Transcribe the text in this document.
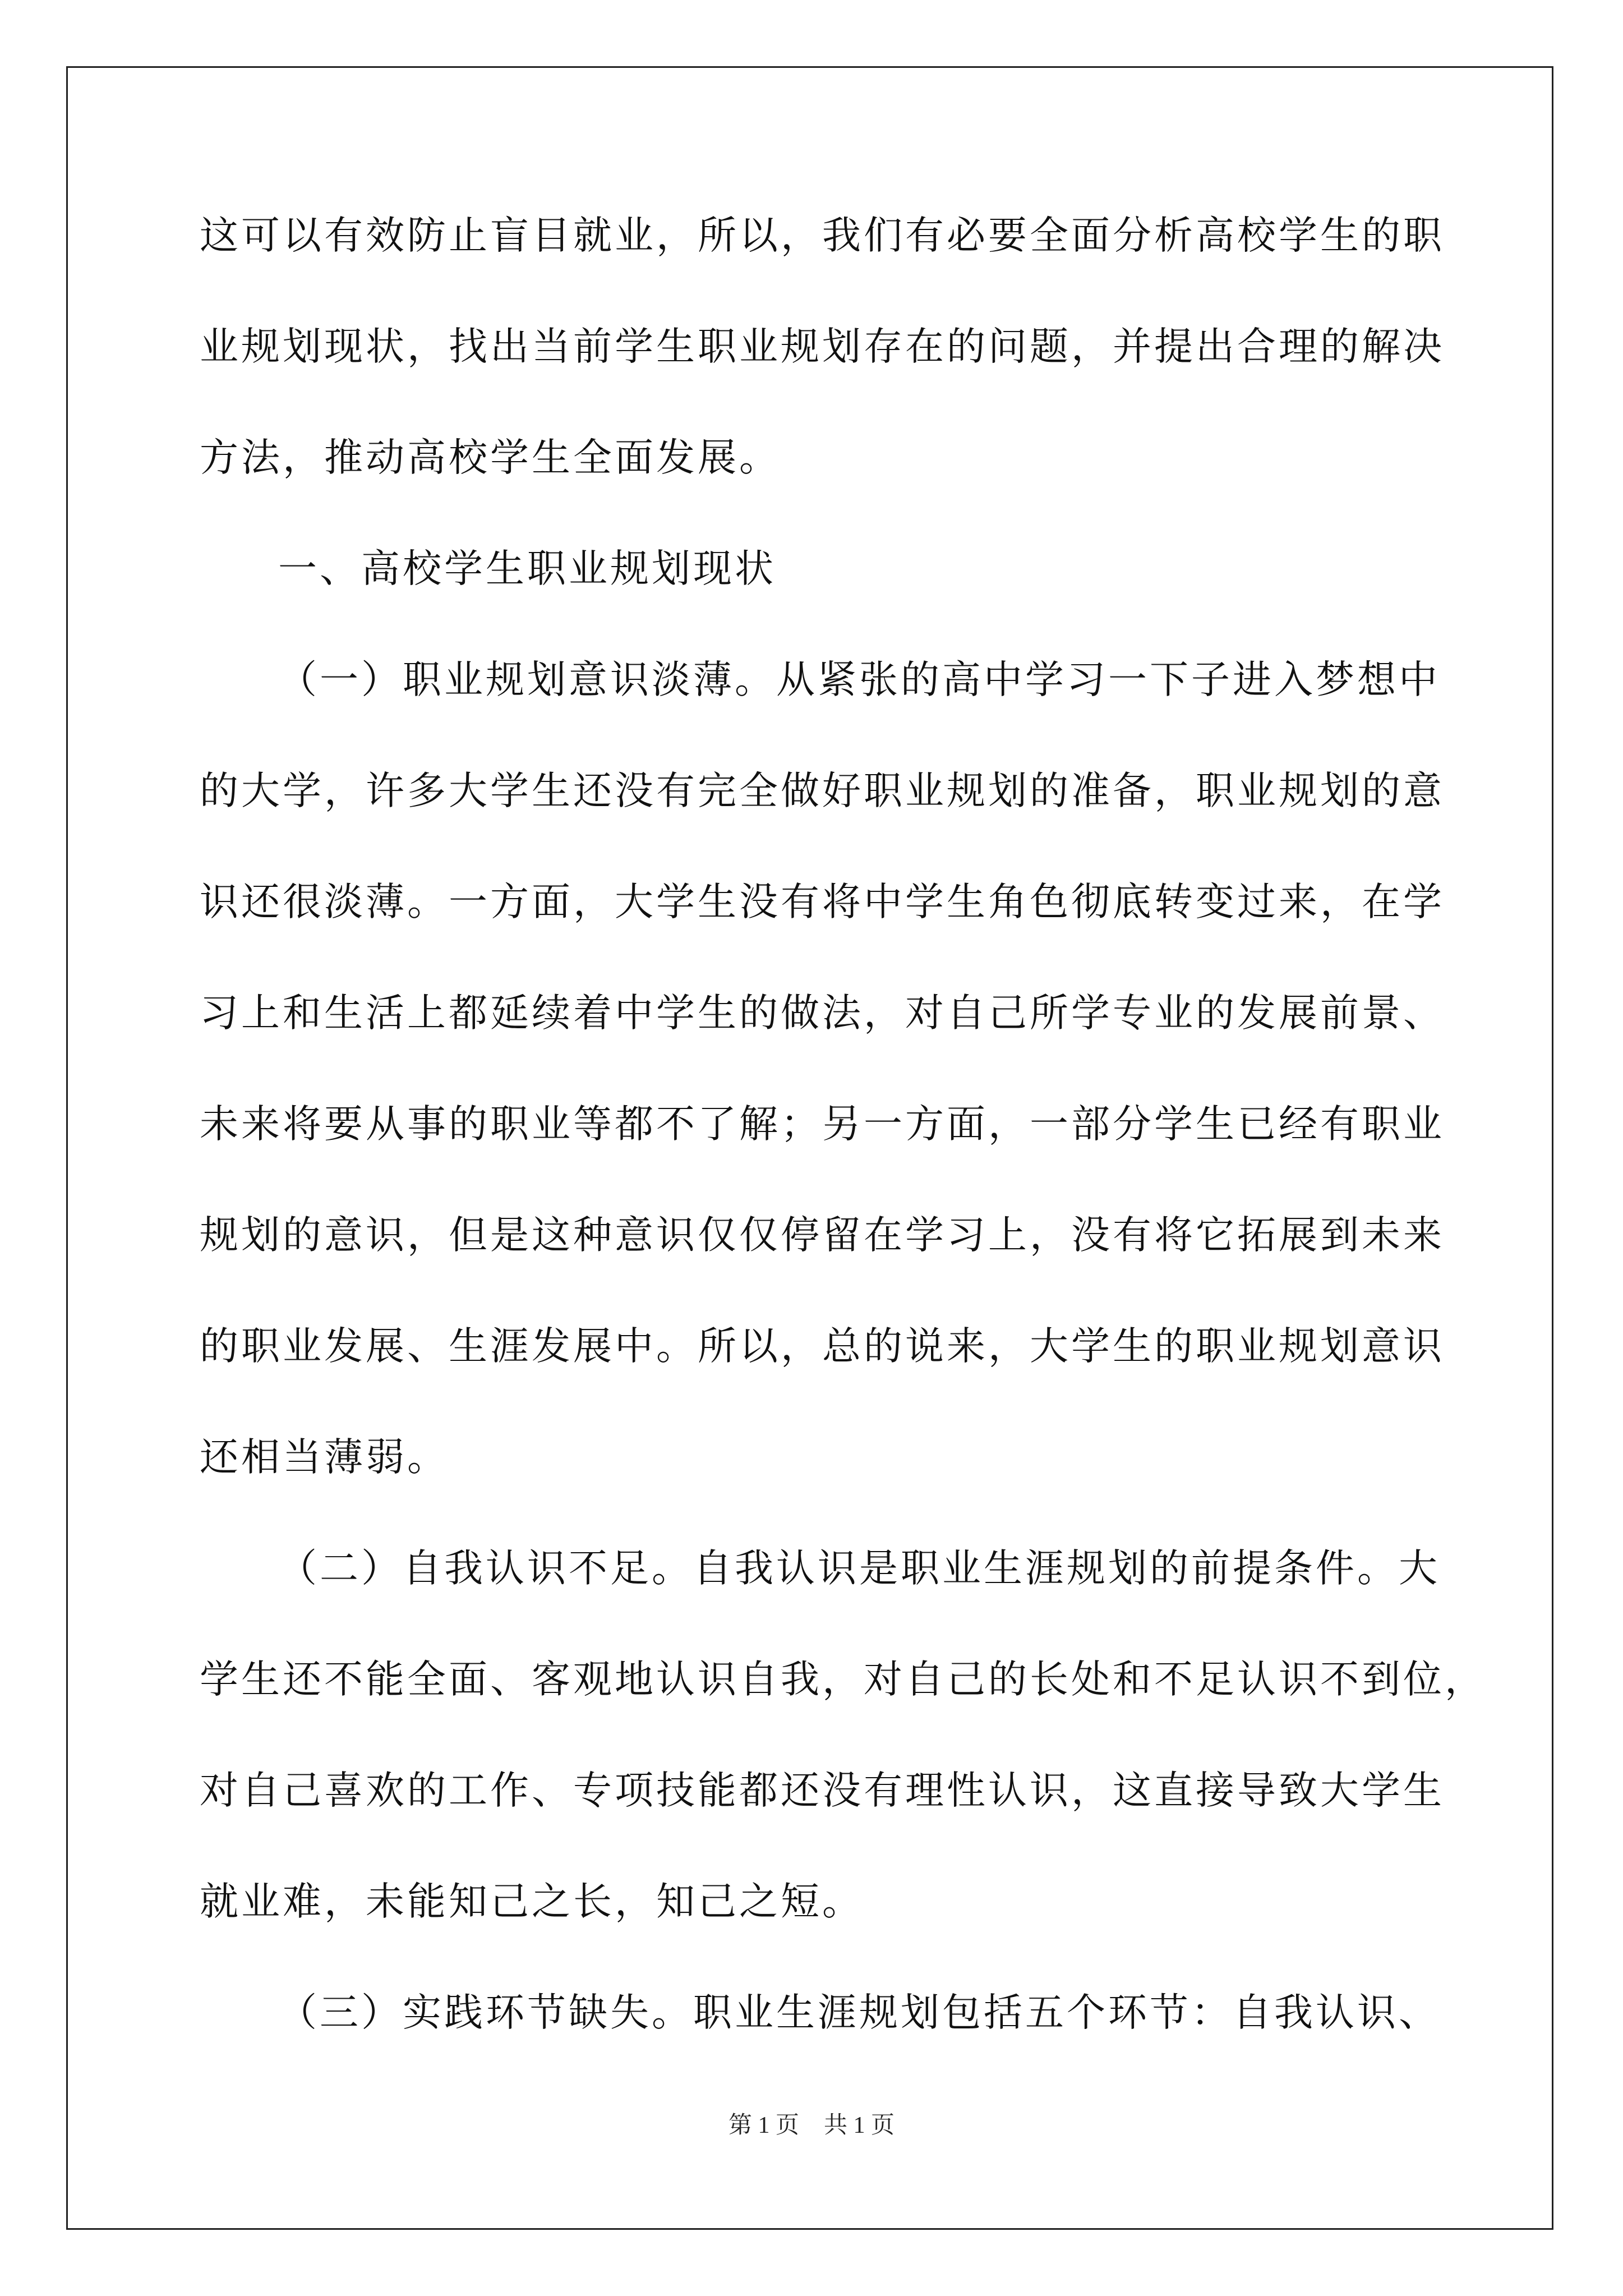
这可以有效防止盲目就业，所以，我们有必要全面分析高校学生的职
业规划现状，找出当前学生职业规划存在的问题，并提出合理的解决
方法，推动高校学生全面发展。
一、高校学生职业规划现状
（一）职业规划意识淡薄。从紧张的高中学习一下子进入梦想中
的大学，许多大学生还没有完全做好职业规划的准备，职业规划的意
识还很淡薄。一方面，大学生没有将中学生角色彻底转变过来，在学
习上和生活上都延续着中学生的做法，对自己所学专业的发展前景、
未来将要从事的职业等都不了解；另一方面，一部分学生已经有职业
规划的意识，但是这种意识仅仅停留在学习上，没有将它拓展到未来
的职业发展、生涯发展中。所以，总的说来，大学生的职业规划意识
还相当薄弱。
（二）自我认识不足。自我认识是职业生涯规划的前提条件。大
学生还不能全面、客观地认识自我，对自己的长处和不足认识不到位，
对自己喜欢的工作、专项技能都还没有理性认识，这直接导致大学生
就业难，未能知己之长，知己之短。
（三）实践环节缺失。职业生涯规划包括五个环节：自我认识、
第 1 页 共 1 页
